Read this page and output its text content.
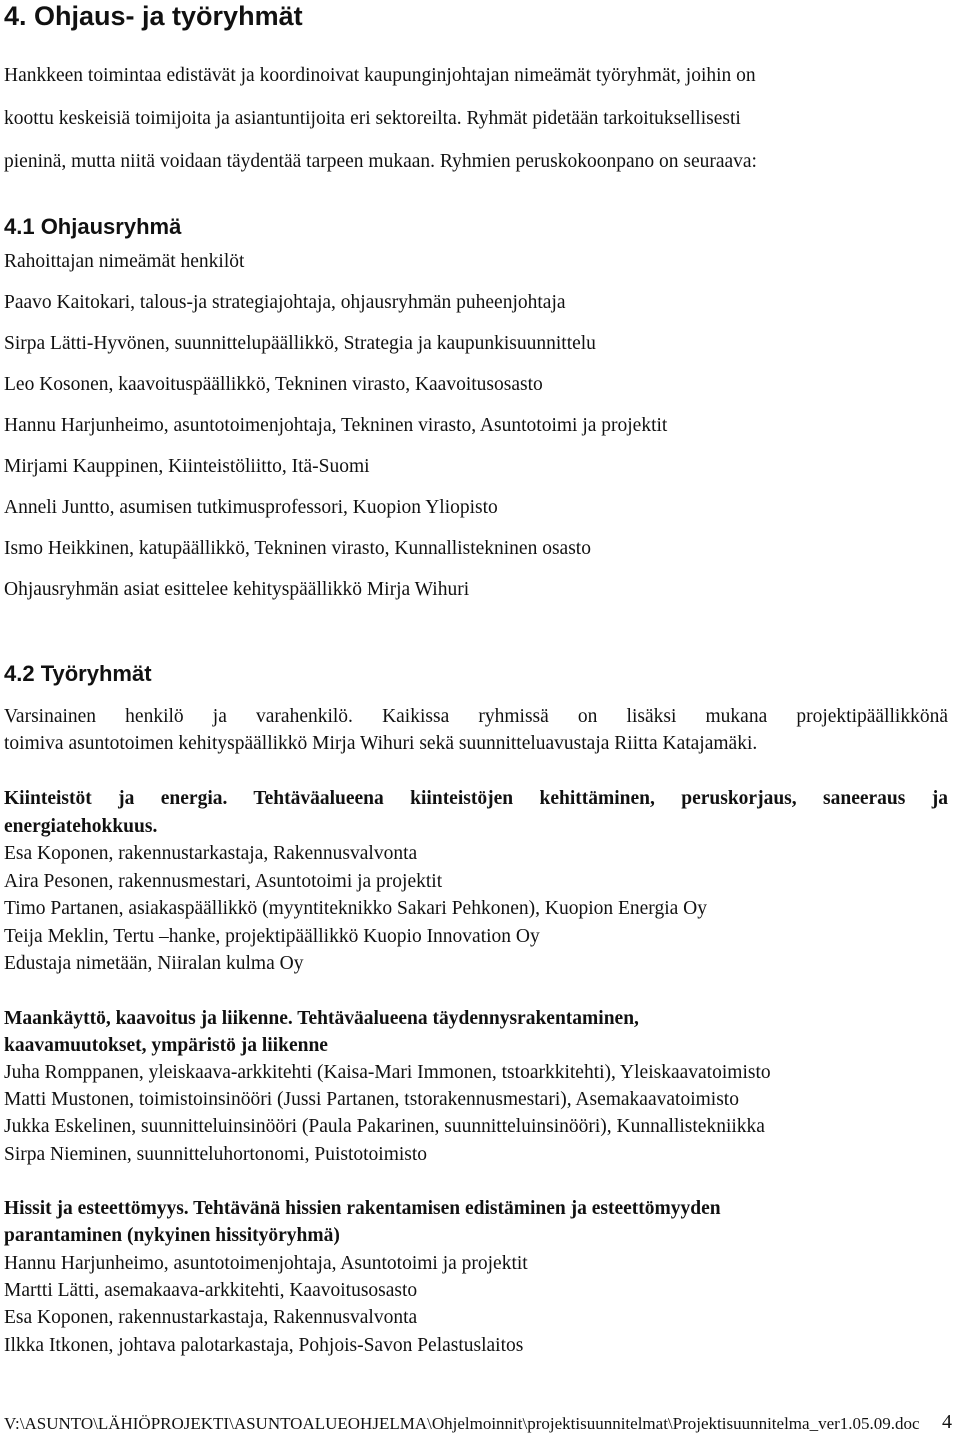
4. Ohjaus- ja työryhmät

Hankkeen toimintaa edistävät ja koordinoivat kaupunginjohtajan nimeämät työryhmät, joihin on

koottu keskeisiä toimijoita ja asiantuntijoita eri sektoreilta. Ryhmät pidetään tarkoituksellisesti

pieninä, mutta niitä voidaan täydentää tarpeen mukaan. Ryhmien peruskokoonpano on seuraava:

4.1 Ohjausryhmä

Rahoittajan nimeämät henkilöt

Paavo Kaitokari, talous-ja strategiajohtaja, ohjausryhmän puheenjohtaja

Sirpa Lätti-Hyvönen, suunnittelupäällikkö, Strategia ja kaupunkisuunnittelu

Leo Kosonen, kaavoituspäällikkö, Tekninen virasto, Kaavoitusosasto

Hannu Harjunheimo, asuntotoimenjohtaja, Tekninen virasto, Asuntotoimi ja projektit

Mirjami Kauppinen, Kiinteistöliitto, Itä-Suomi

Anneli Juntto, asumisen tutkimusprofessori, Kuopion Yliopisto

Ismo Heikkinen, katupäällikkö, Tekninen virasto, Kunnallistekninen osasto

Ohjausryhmän asiat esittelee kehityspäällikkö Mirja Wihuri

4.2 Työryhmät

Varsinainen henkilö ja varahenkilö. Kaikissa ryhmissä on lisäksi mukana projektipäällikkönä

toimiva asuntotoimen kehityspäällikkö Mirja Wihuri sekä suunnitteluavustaja Riitta Katajamäki.

Kiinteistöt ja energia. Tehtäväalueena kiinteistöjen kehittäminen, peruskorjaus, saneeraus ja

energiatehokkuus.

Esa Koponen, rakennustarkastaja, Rakennusvalvonta

Aira Pesonen, rakennusmestari, Asuntotoimi ja projektit

Timo Partanen, asiakaspäällikkö (myyntiteknikko Sakari Pehkonen), Kuopion Energia Oy

Teija Meklin, Tertu –hanke, projektipäällikkö Kuopio Innovation Oy

Edustaja nimetään, Niiralan kulma Oy

Maankäyttö, kaavoitus ja liikenne. Tehtäväalueena täydennysrakentaminen,

kaavamuutokset, ympäristö ja liikenne

Juha Romppanen, yleiskaava-arkkitehti (Kaisa-Mari Immonen, tstoarkkitehti), Yleiskaavatoimisto

Matti Mustonen, toimistoinsinööri (Jussi Partanen, tstorakennusmestari), Asemakaavatoimisto

Jukka Eskelinen, suunnitteluinsinööri (Paula Pakarinen, suunnitteluinsinööri), Kunnallistekniikka

Sirpa Nieminen, suunnitteluhortonomi, Puistotoimisto

Hissit ja esteettömyys. Tehtävänä hissien rakentamisen edistäminen ja esteettömyyden

parantaminen (nykyinen hissityöryhmä)

Hannu Harjunheimo, asuntotoimenjohtaja, Asuntotoimi ja projektit

Martti Lätti, asemakaava-arkkitehti, Kaavoitusosasto

Esa Koponen, rakennustarkastaja, Rakennusvalvonta

Ilkka Itkonen, johtava palotarkastaja, Pohjois-Savon Pelastuslaitos

V:\ASUNTO\LÄHIÖPROJEKTI\ASUNTOALUEOHJELMA\Ohjelmoinnit\projektisuunnitelmat\Projektisuunnitelma_ver1.05.09.doc	4
